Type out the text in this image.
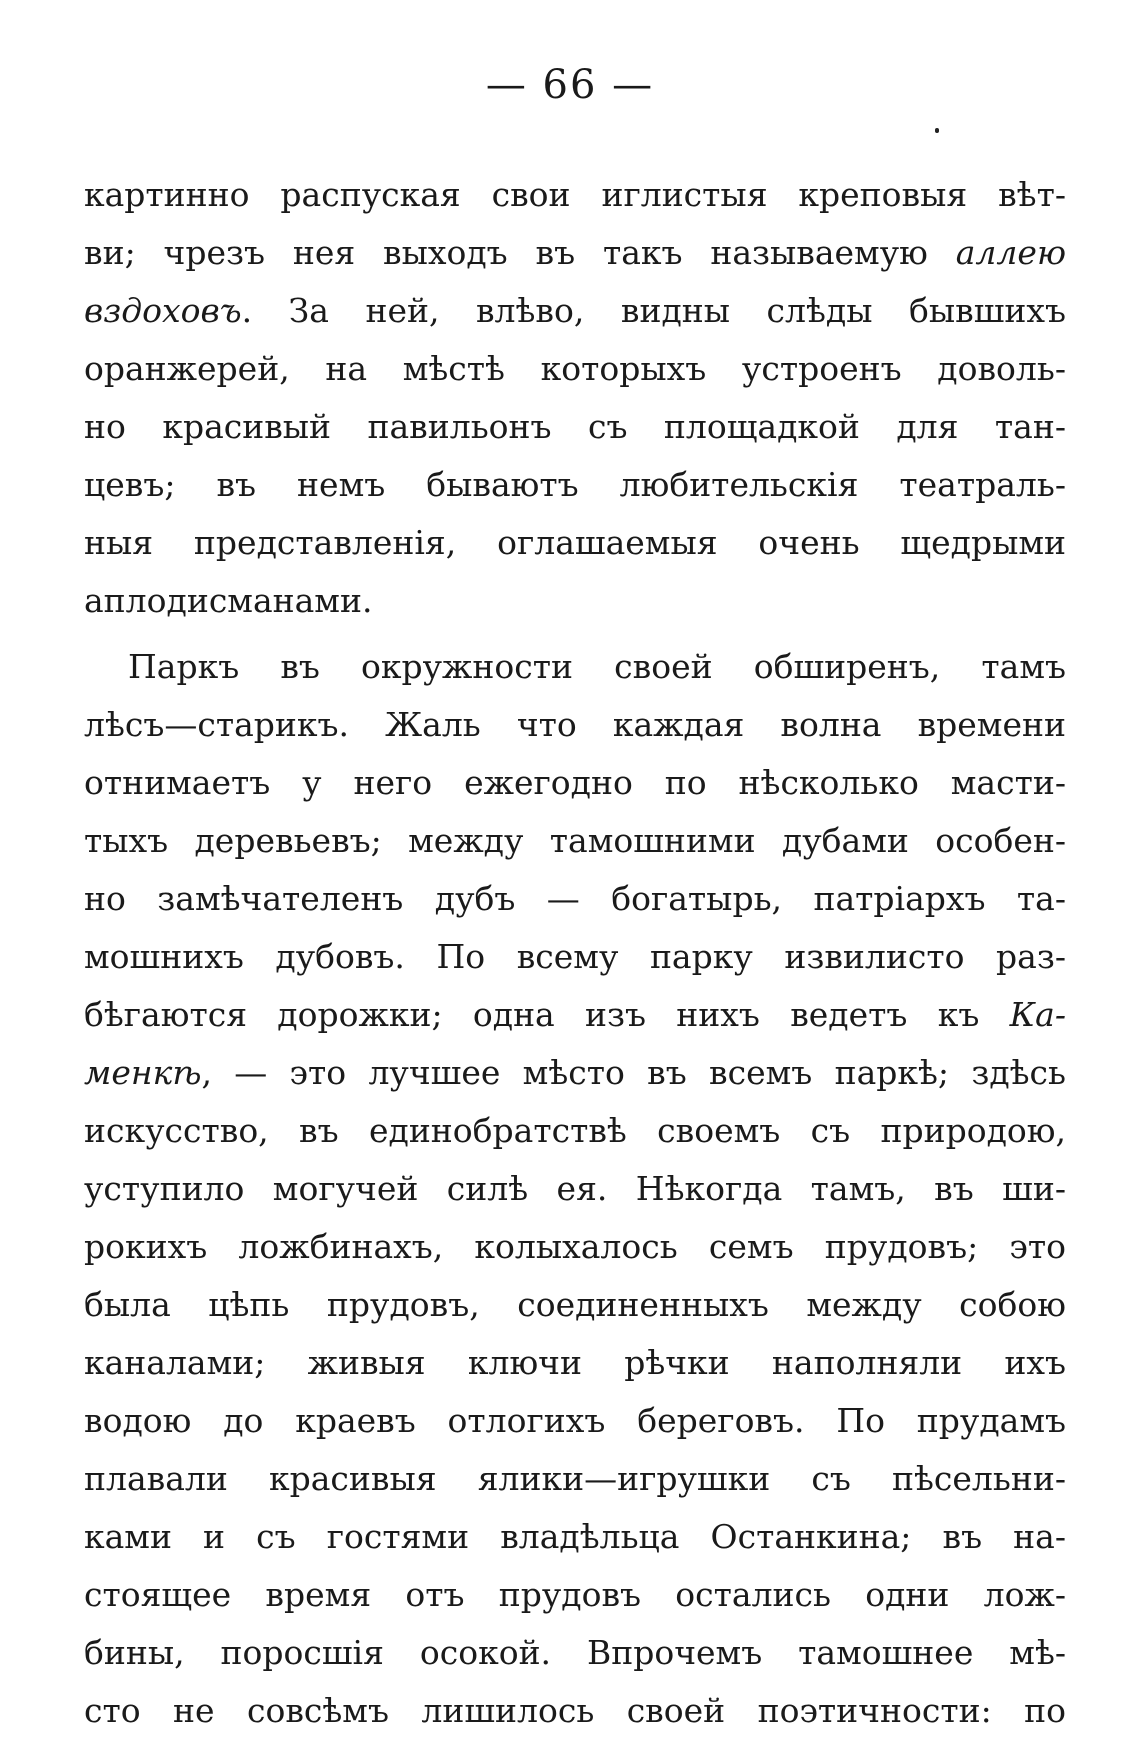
— 66 —
картинно распуская свои иглистыя креповыя вѣт-
ви; чрезъ нея выходъ въ такъ называемую аллею
вздоховъ. За ней, влѣво, видны слѣды бывшихъ
оранжерей, на мѣстѣ которыхъ устроенъ доволь-
но красивый павильонъ съ площадкой для тан-
цевъ; въ немъ бываютъ любительскія театраль-
ныя представленія, оглашаемыя очень щедрыми
аплодисманами.
Паркъ въ окружности своей обширенъ, тамъ
лѣсъ—старикъ. Жаль что каждая волна времени
отнимаетъ у него ежегодно по нѣсколько масти-
тыхъ деревьевъ; между тамошними дубами особен-
но замѣчателенъ дубъ — богатырь, патріархъ та-
мошнихъ дубовъ. По всему парку извилисто раз-
бѣгаются дорожки; одна изъ нихъ ведетъ къ Ка-
менкѣ, — это лучшее мѣсто въ всемъ паркѣ; здѣсь
искусство, въ единобратствѣ своемъ съ природою,
уступило могучей силѣ ея. Нѣкогда тамъ, въ ши-
рокихъ ложбинахъ, колыхалось семъ прудовъ; это
была цѣпь прудовъ, соединенныхъ между собою
каналами; живыя ключи рѣчки наполняли ихъ
водою до краевъ отлогихъ береговъ. По прудамъ
плавали красивыя ялики—игрушки съ пѣсельни-
ками и съ гостями владѣльца Останкина; въ на-
стоящее время отъ прудовъ остались одни лож-
бины, поросшія осокой. Впрочемъ тамошнее мѣ-
сто не совсѣмъ лишилось своей поэтичности: по
